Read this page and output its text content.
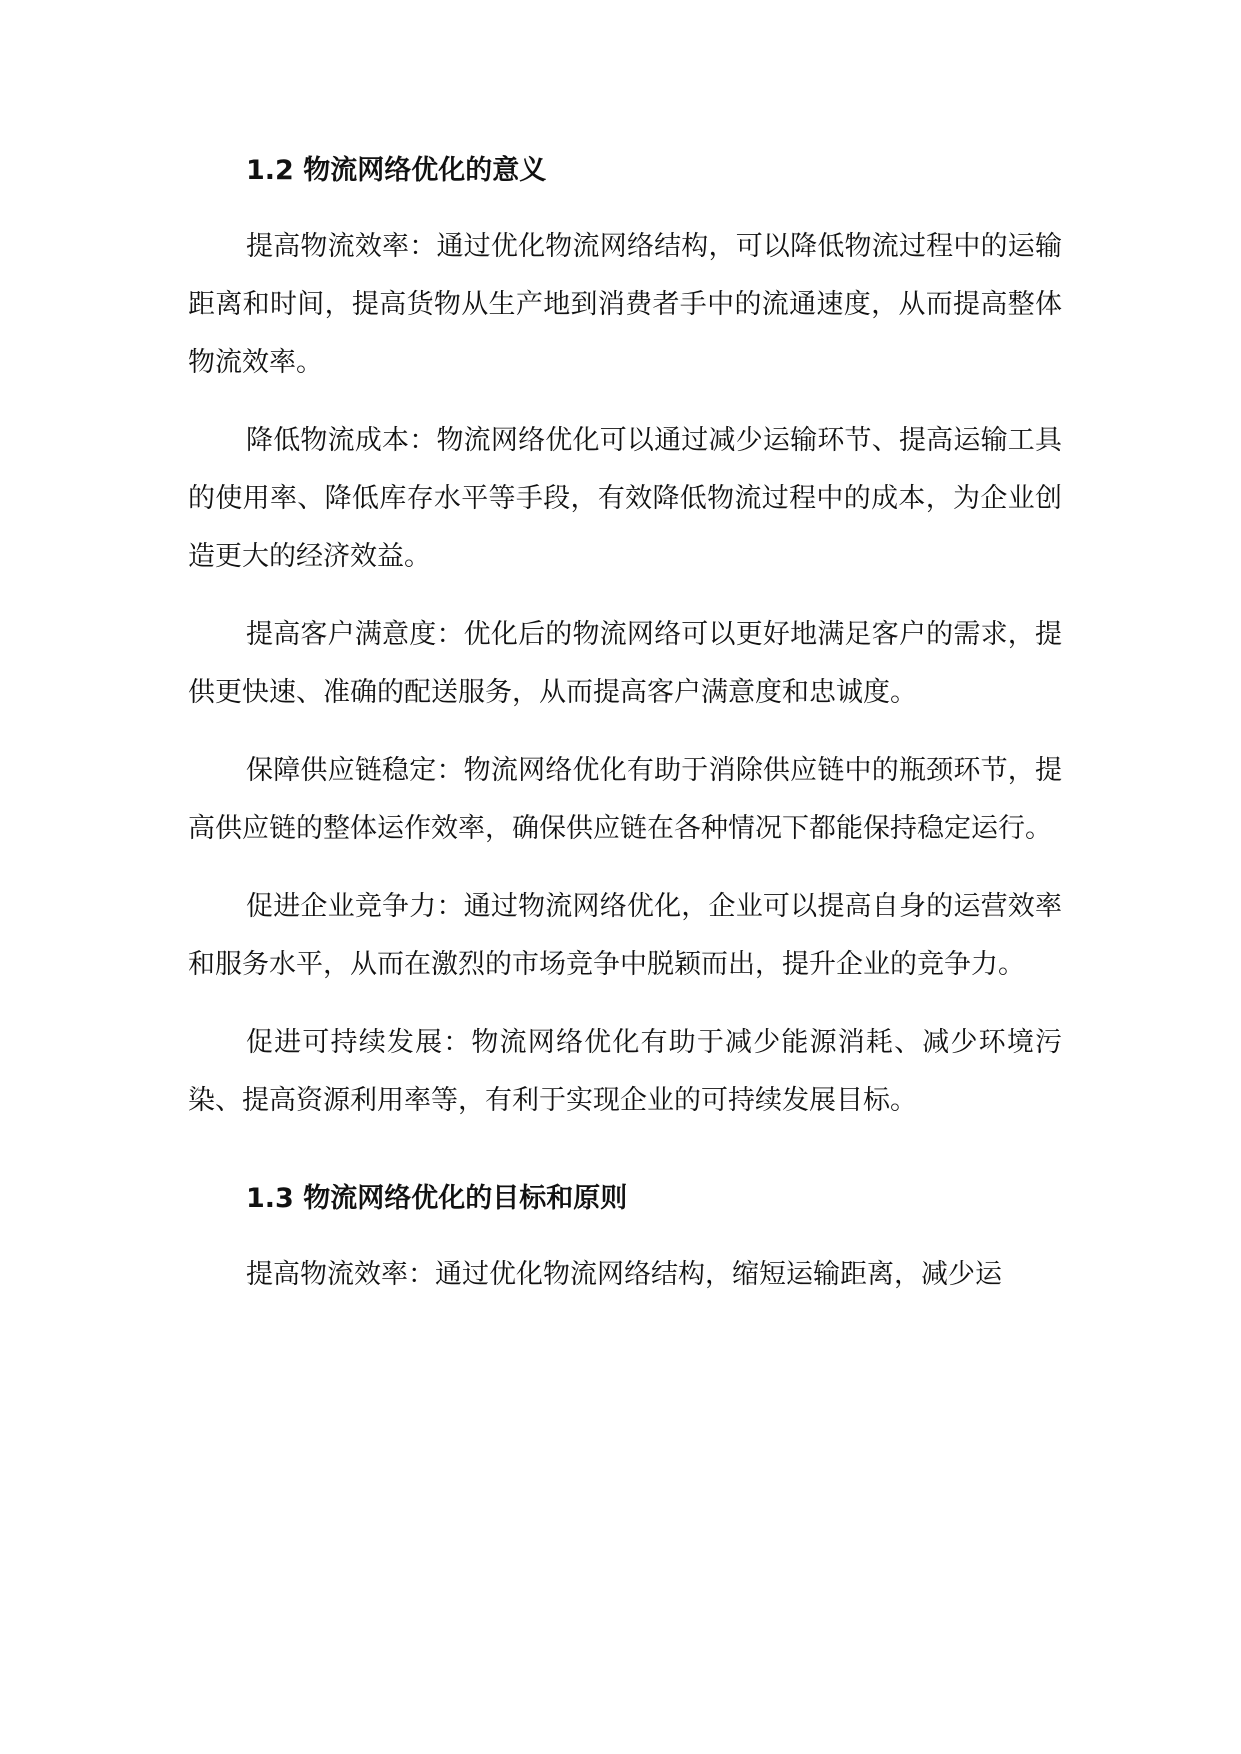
1.2 物流网络优化的意义

提高物流效率：通过优化物流网络结构，可以降低物流过程中的运输距离和时间，提高货物从生产地到消费者手中的流通速度，从而提高整体物流效率。

降低物流成本：物流网络优化可以通过减少运输环节、提高运输工具的使用率、降低库存水平等手段，有效降低物流过程中的成本，为企业创造更大的经济效益。

提高客户满意度：优化后的物流网络可以更好地满足客户的需求，提供更快速、准确的配送服务，从而提高客户满意度和忠诚度。

保障供应链稳定：物流网络优化有助于消除供应链中的瓶颈环节，提高供应链的整体运作效率，确保供应链在各种情况下都能保持稳定运行。

促进企业竞争力：通过物流网络优化，企业可以提高自身的运营效率和服务水平，从而在激烈的市场竞争中脱颖而出，提升企业的竞争力。

促进可持续发展：物流网络优化有助于减少能源消耗、减少环境污染、提高资源利用率等，有利于实现企业的可持续发展目标。

1.3 物流网络优化的目标和原则

提高物流效率：通过优化物流网络结构，缩短运输距离，减少运
